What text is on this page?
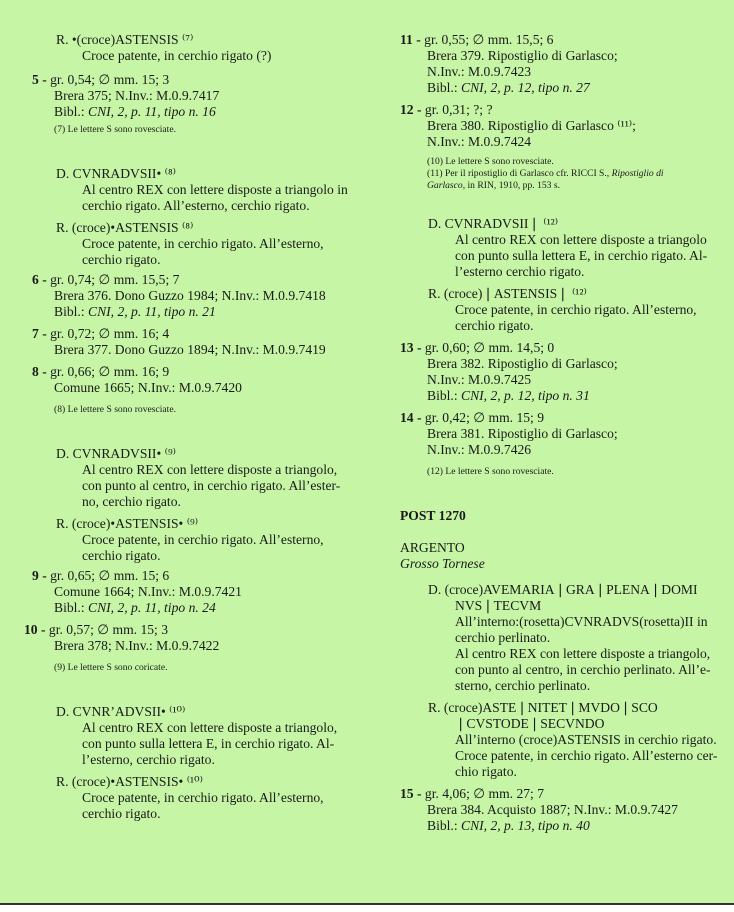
R. •(croce)ASTENSIS ⁽⁷⁾
Croce patente, in cerchio rigato (?)
5 - gr. 0,54; ∅ mm. 15; 3
Brera 375; N.Inv.: M.0.9.7417
Bibl.: CNI, 2, p. 11, tipo n. 16
(7) Le lettere S sono rovesciate.
D. CVNRADVSII• ⁽⁸⁾
Al centro REX con lettere disposte a triangolo in
cerchio rigato. All’esterno, cerchio rigato.
R. (croce)•ASTENSIS ⁽⁸⁾
Croce patente, in cerchio rigato. All’esterno,
cerchio rigato.
6 - gr. 0,74; ∅ mm. 15,5; 7
Brera 376. Dono Guzzo 1984; N.Inv.: M.0.9.7418
Bibl.: CNI, 2, p. 11, tipo n. 21
7 - gr. 0,72; ∅ mm. 16; 4
Brera 377. Dono Guzzo 1894; N.Inv.: M.0.9.7419
8 - gr. 0,66; ∅ mm. 16; 9
Comune 1665; N.Inv.: M.0.9.7420
(8) Le lettere S sono rovesciate.
D. CVNRADVSII• ⁽⁹⁾
Al centro REX con lettere disposte a triangolo,
con punto al centro, in cerchio rigato. All’ester-
no, cerchio rigato.
R. (croce)•ASTENSIS• ⁽⁹⁾
Croce patente, in cerchio rigato. All’esterno,
cerchio rigato.
9 - gr. 0,65; ∅ mm. 15; 6
Comune 1664; N.Inv.: M.0.9.7421
Bibl.: CNI, 2, p. 11, tipo n. 24
10 - gr. 0,57; ∅ mm. 15; 3
Brera 378; N.Inv.: M.0.9.7422
(9) Le lettere S sono coricate.
D. CVNR’ADVSII• ⁽¹⁰⁾
Al centro REX con lettere disposte a triangolo,
con punto sulla lettera E, in cerchio rigato. Al-
l’esterno, cerchio rigato.
R. (croce)•ASTENSIS• ⁽¹⁰⁾
Croce patente, in cerchio rigato. All’esterno,
cerchio rigato.
11 - gr. 0,55; ∅ mm. 15,5; 6
Brera 379. Ripostiglio di Garlasco;
N.Inv.: M.0.9.7423
Bibl.: CNI, 2, p. 12, tipo n. 27
12 - gr. 0,31; ?; ?
Brera 380. Ripostiglio di Garlasco ⁽¹¹⁾;
N.Inv.: M.0.9.7424
(10) Le lettere S sono rovesciate.
(11) Per il ripostiglio di Garlasco cfr. RICCI S., Ripostiglio di
Garlasco, in RIN, 1910, pp. 153 s.
D. CVNRADVSII❘ ⁽¹²⁾
Al centro REX con lettere disposte a triangolo
con punto sulla lettera E, in cerchio rigato. Al-
l’esterno cerchio rigato.
R. (croce)❘ASTENSIS❘ ⁽¹²⁾
Croce patente, in cerchio rigato. All’esterno,
cerchio rigato.
13 - gr. 0,60; ∅ mm. 14,5; 0
Brera 382. Ripostiglio di Garlasco;
N.Inv.: M.0.9.7425
Bibl.: CNI, 2, p. 12, tipo n. 31
14 - gr. 0,42; ∅ mm. 15; 9
Brera 381. Ripostiglio di Garlasco;
N.Inv.: M.0.9.7426
(12) Le lettere S sono rovesciate.
POST 1270
ARGENTO
Grosso Tornese
D. (croce)AVEMARIA❘GRA❘PLENA❘DOMI
NVS❘TECVM
All’interno:(rosetta)CVNRADVS(rosetta)II in
cerchio perlinato.
Al centro REX con lettere disposte a triangolo,
con punto al centro, in cerchio perlinato. All’e-
sterno, cerchio perlinato.
R. (croce)ASTE❘NITET❘MVDO❘SCO
❘CVSTODE❘SECVNDO
All’interno (croce)ASTENSIS in cerchio rigato.
Croce patente, in cerchio rigato. All’esterno cer-
chio rigato.
15 - gr. 4,06; ∅ mm. 27; 7
Brera 384. Acquisto 1887; N.Inv.: M.0.9.7427
Bibl.: CNI, 2, p. 13, tipo n. 40
